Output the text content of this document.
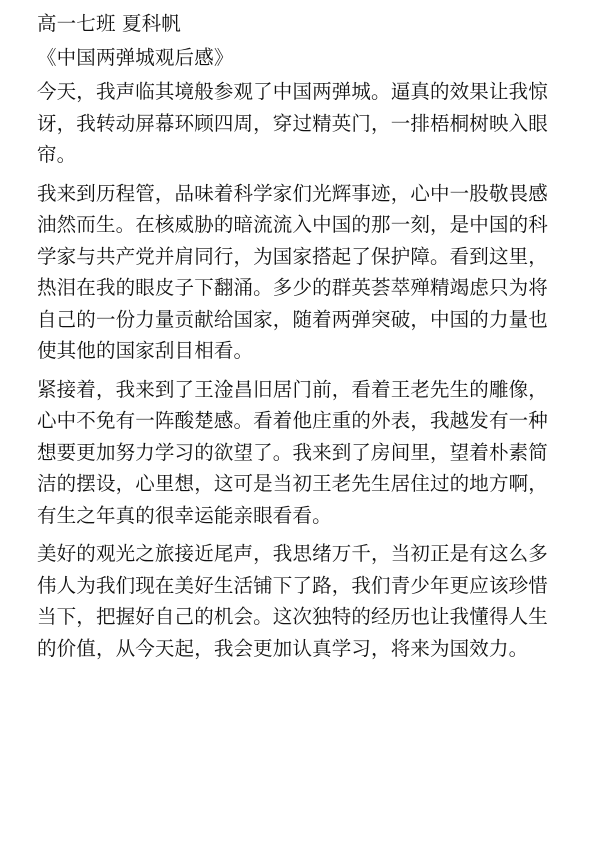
高一七班 夏科帆
《中国两弹城观后感》
今天，我声临其境般参观了中国两弹城。逼真的效果让我惊
讶，我转动屏幕环顾四周，穿过精英门，一排梧桐树映入眼
帘。
我来到历程管，品味着科学家们光辉事迹，心中一股敬畏感
油然而生。在核威胁的暗流流入中国的那一刻，是中国的科
学家与共产党并肩同行，为国家搭起了保护障。看到这里，
热泪在我的眼皮子下翻涌。多少的群英荟萃殚精竭虑只为将
自己的一份力量贡献给国家，随着两弹突破，中国的力量也
使其他的国家刮目相看。
紧接着，我来到了王淦昌旧居门前，看着王老先生的雕像，
心中不免有一阵酸楚感。看着他庄重的外表，我越发有一种
想要更加努力学习的欲望了。我来到了房间里，望着朴素简
洁的摆设，心里想，这可是当初王老先生居住过的地方啊，
有生之年真的很幸运能亲眼看看。
美好的观光之旅接近尾声，我思绪万千，当初正是有这么多
伟人为我们现在美好生活铺下了路，我们青少年更应该珍惜
当下，把握好自己的机会。这次独特的经历也让我懂得人生
的价值，从今天起，我会更加认真学习，将来为国效力。
